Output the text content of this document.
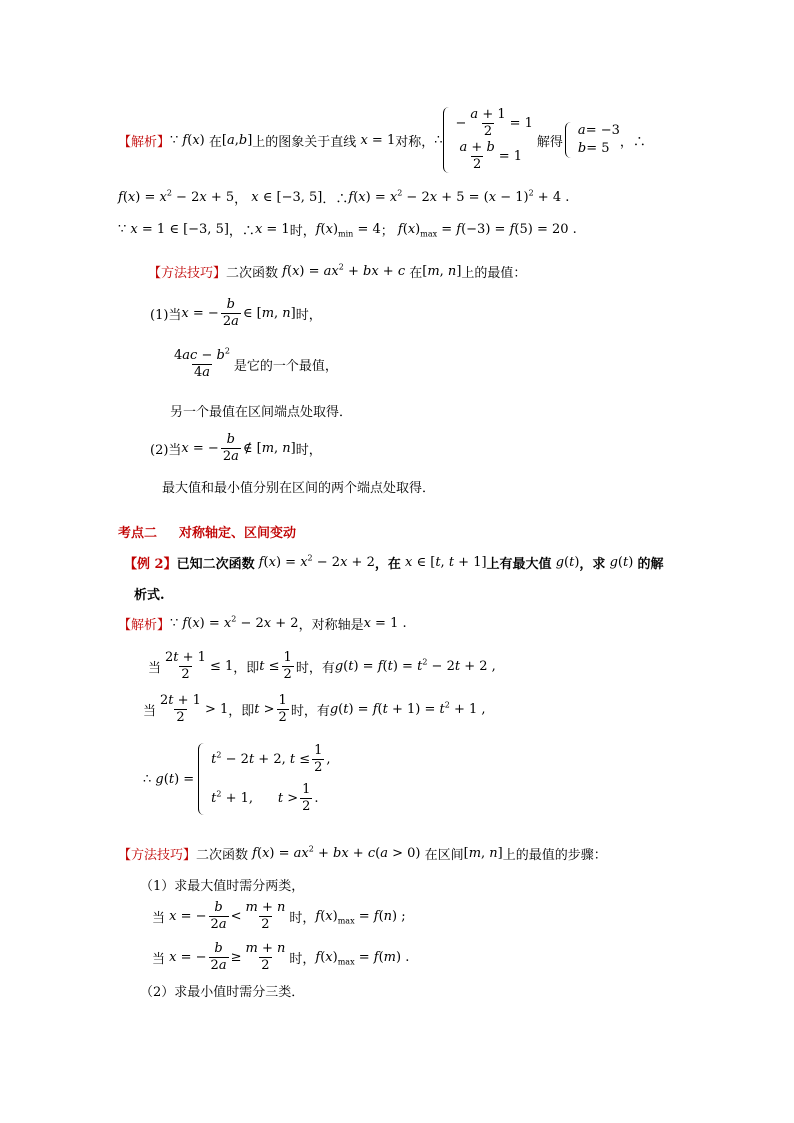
【解析】 ∵ f(x) 在 [a,b] 上的图象关于直线 x = 1 对称， ∴
− $\frac{a + 1}{2} = 1$
$\frac{a + b}{2} = 1$
解得
a = −3
b = 5 ，∴
$f(x) = x^2 - 2x + 5$ ， x ∈ [−3, 5] ．∴ $f(x) = x^2 - 2x + 5 = (x - 1)^2 + 4$ .
∵ x = 1 ∈ [−3, 5] ，∴ x = 1 时， $f(x)_{min} = 4$ ； $f(x)_{max} = f(-3) = f(5) = 20$ .
【方法技巧】 二次函数 $f(x) = ax^2$ + bx + c 在 [m, n] 上的最值：
(1)当 x = − $\frac{b}{2a}$ ∈ [m, n] 时，
$\frac{4ac - b^2}{4a}$ 是它的一个最值，
另一个最值在区间端点处取得．
(2)当 x = − $\frac{b}{2a}$ ∉ [m, n] 时，
最大值和最小值分别在区间的两个端点处取得．
考点二 对称轴定、区间变动
【例 2】 已知二次函数 $f(x) = x^2 - 2x + 2$ ，在 x ∈ [t, t + 1] 上有最大值 g(t) ，求 g(t) 的解
析式.
【解析】 ∵ $f(x) = x^2 - 2x + 2$ ，对称轴是 x = 1 .
当 $\frac{2t + 1}{2} \le 1$ ，即 $t \le \frac{1}{2}$ 时，有 $g(t) = f(t) = t^2 - 2t + 2$ ,
当 $\frac{2t + 1}{2} > 1$ ，即 $t > \frac{1}{2}$ 时，有 $g(t) = f(t + 1) = t^2 + 1$ ,
∴ g(t) =
$t^2 - 2t + 2$, $t \le \frac{1}{2}$ ,
$t^2 + 1$,      $t > \frac{1}{2}$ .
【方法技巧】 二次函数 $f(x) = ax^2$ + bx + c(a > 0) 在区间 [m, n] 上的最值的步骤：
（1）求最大值时需分两类，
当 x = − $\frac{b}{2a} < \frac{m + n}{2}$ 时， $f(x)_{max} = f(n)$ ;
当 x = − $\frac{b}{2a} \ge \frac{m + n}{2}$ 时， $f(x)_{max} = f(m)$ .
（2）求最小值时需分三类．
